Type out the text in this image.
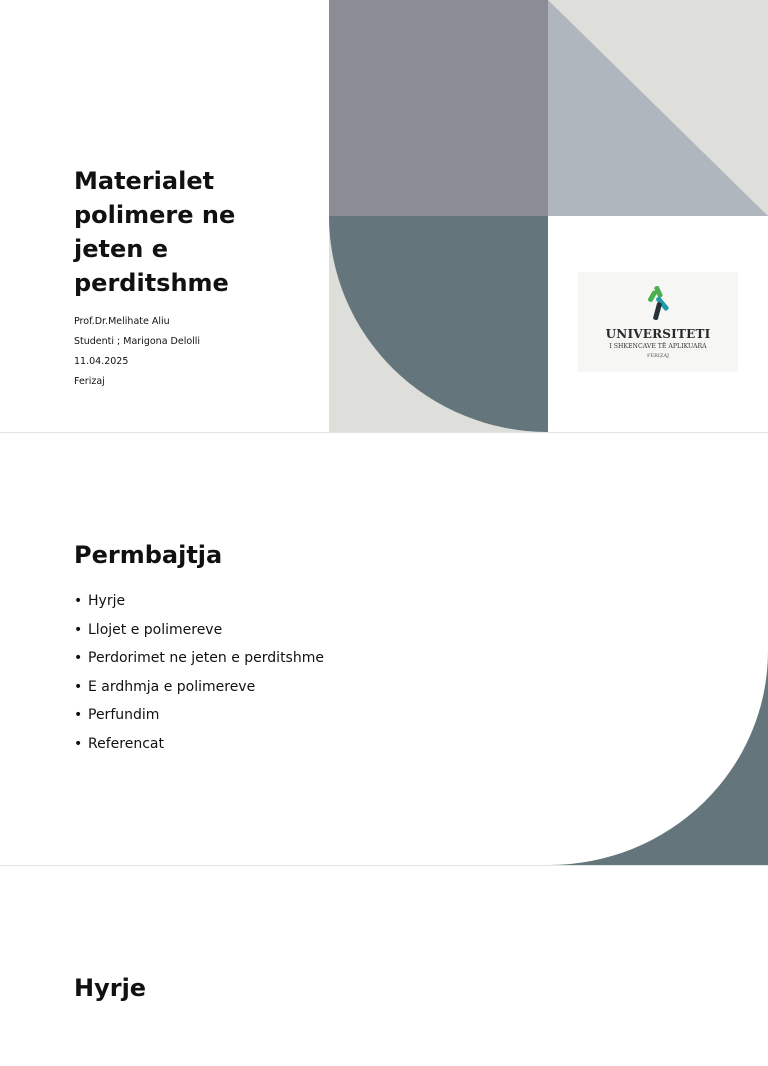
Materialet
polimere ne
jeten e
perditshme
Prof.Dr.Melihate Aliu
Studenti ; Marigona Delolli
11.04.2025
Ferizaj
UNIVERSITETI
I SHKENCAVE TË APLIKUARA
FERIZAJ
Permbajtja
• Hyrje
• Llojet e polimereve
• Perdorimet ne jeten e perditshme
• E ardhmja e polimereve
• Perfundim
• Referencat
Hyrje
